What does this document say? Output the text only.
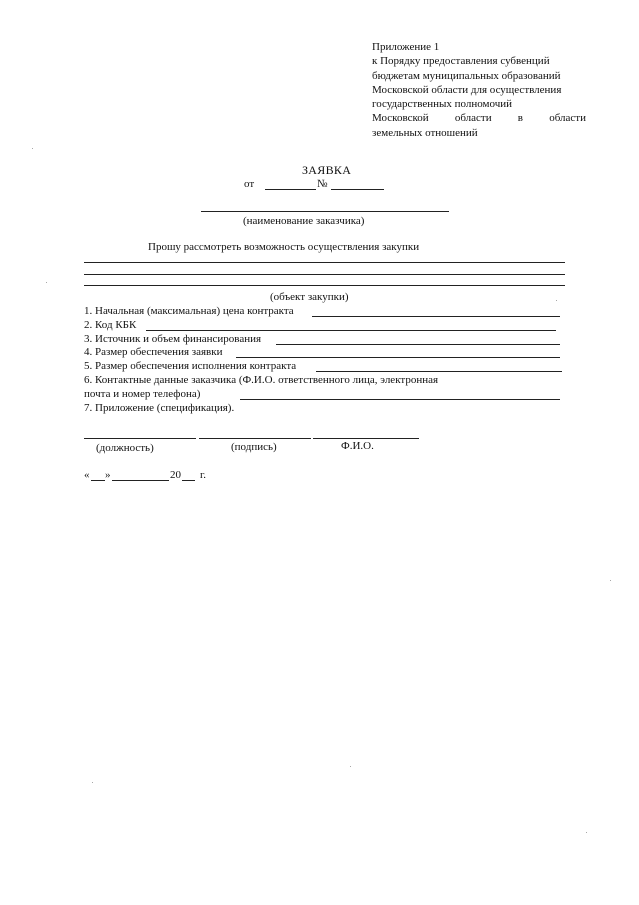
Приложение 1
к Порядку предоставления субвенций
бюджетам муниципальных образований
Московской области для осуществления
государственных полномочий
Московской области в области
земельных отношений
ЗАЯВКА
от	№
(наименование заказчика)
Прошу рассмотреть возможность осуществления закупки
(объект закупки)
1. Начальная (максимальная) цена контракта
2. Код КБК
3. Источник и объем финансирования
4. Размер обеспечения заявки
5. Размер обеспечения исполнения контракта
6. Контактные данные заказчика (Ф.И.О. ответственного лица, электронная
почта и номер телефона)
7. Приложение (спецификация).
(должность)	(подпись)	Ф.И.О.
« »	20 г.
